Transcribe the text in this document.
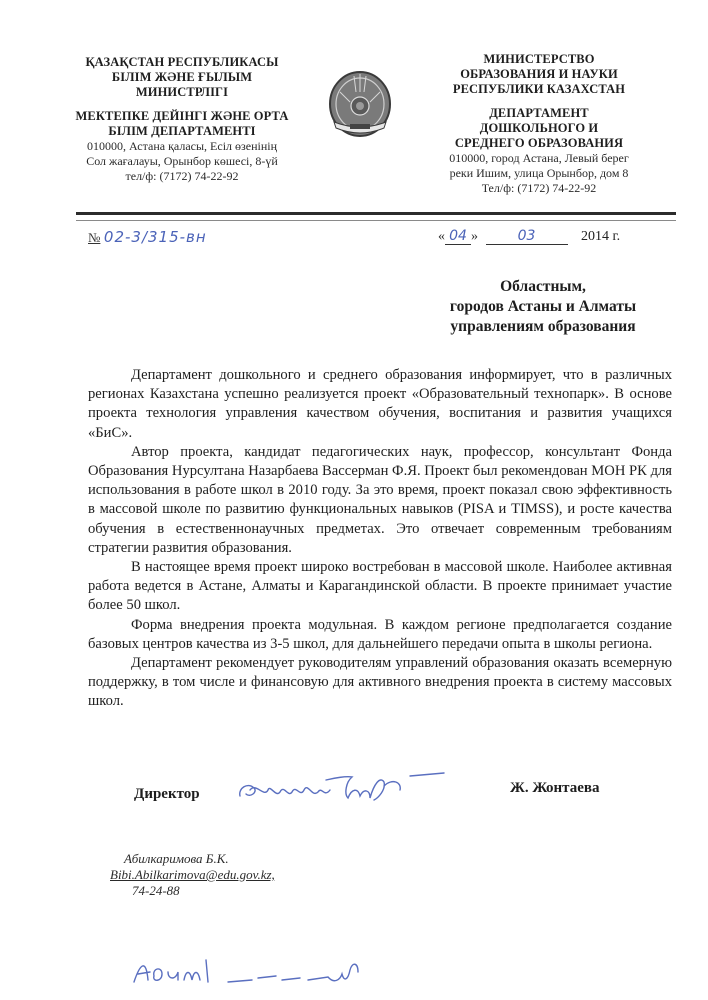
ҚАЗАҚСТАН РЕСПУБЛИКАСЫ
БІЛІМ ЖӘНЕ ҒЫЛЫМ
МИНИСТРЛІГІ
МЕКТЕПКЕ ДЕЙІНГІ ЖӘНЕ ОРТА
БІЛІМ ДЕПАРТАМЕНТІ
010000, Астана қаласы, Есіл өзенінің
Сол жағалауы, Орынбор көшесі, 8-үй
тел/ф: (7172) 74-22-92
МИНИСТЕРСТВО
ОБРАЗОВАНИЯ И НАУКИ
РЕСПУБЛИКИ КАЗАХСТАН
ДЕПАРТАМЕНТ
ДОШКОЛЬНОГО И
СРЕДНЕГО ОБРАЗОВАНИЯ
010000, город Астана, Левый берег
реки Ишим, улица Орынбор, дом 8
Тел/ф: (7172) 74-22-92
№ 02-3/315-вн	« 04 »	03	2014 г.
Областным,
городов Астаны и Алматы
управлениям образования

Департамент дошкольного и среднего образования информирует, что в различных регионах Казахстана успешно реализуется проект «Образовательный технопарк». В основе проекта технология управления качеством обучения, воспитания и развития учащихся «БиС».

Автор проекта, кандидат педагогических наук, профессор, консультант Фонда Образования Нурсултана Назарбаева Вассерман Ф.Я. Проект был рекомендован МОН РК для использования в работе школ в 2010 году. За это время, проект показал свою эффективность в массовой школе по развитию функциональных навыков (PISA и TIMSS), и росте качества обучения в естественнонаучных предметах. Это отвечает современным требованиям стратегии развития образования.

В настоящее время проект широко востребован в массовой школе. Наиболее активная работа ведется в Астане, Алматы и Карагандинской области. В проекте принимает участие более 50 школ.

Форма внедрения проекта модульная. В каждом регионе предполагается создание базовых центров качества из 3-5 школ, для дальнейшего передачи опыта в школы региона.

Департамент рекомендует руководителям управлений образования оказать всемерную поддержку, в том числе и финансовую для активного внедрения проекта в систему массовых школ.

Директор	Ж. Жонтаева
Абилкаримова Б.К.
Bibi.Abilkarimova@edu.gov.kz,
74-24-88
